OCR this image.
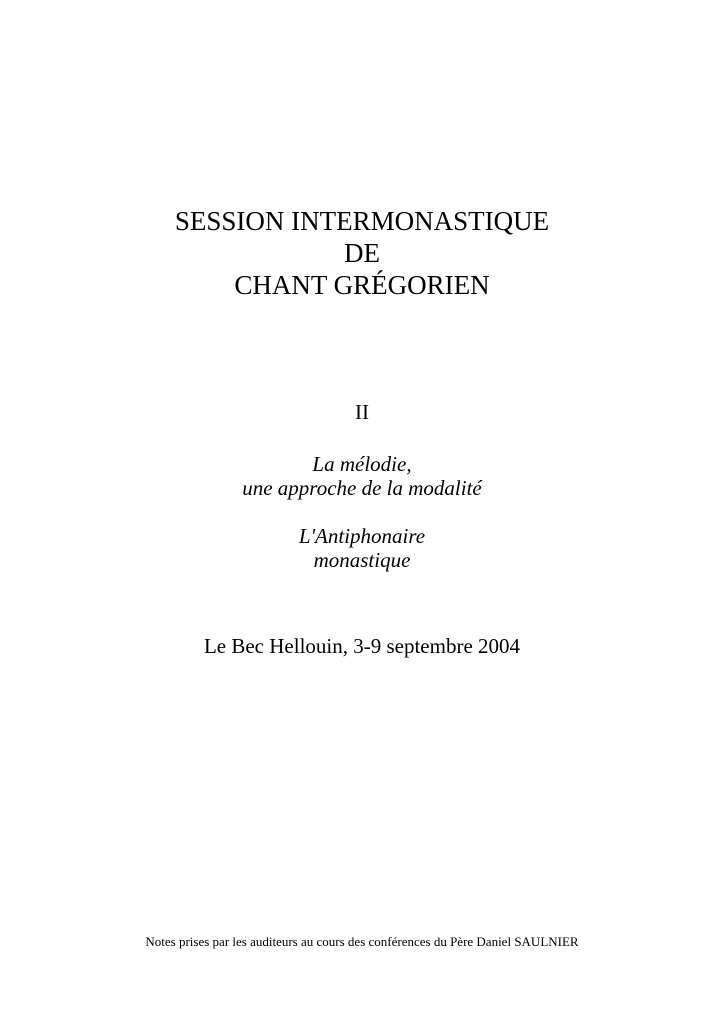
SESSION INTERMONASTIQUE
DE
CHANT GRÉGORIEN
II
La mélodie,
une approche de la modalité
L'Antiphonaire
monastique
Le Bec Hellouin, 3-9 septembre 2004
Notes prises par les auditeurs au cours des conférences du Père Daniel SAULNIER
